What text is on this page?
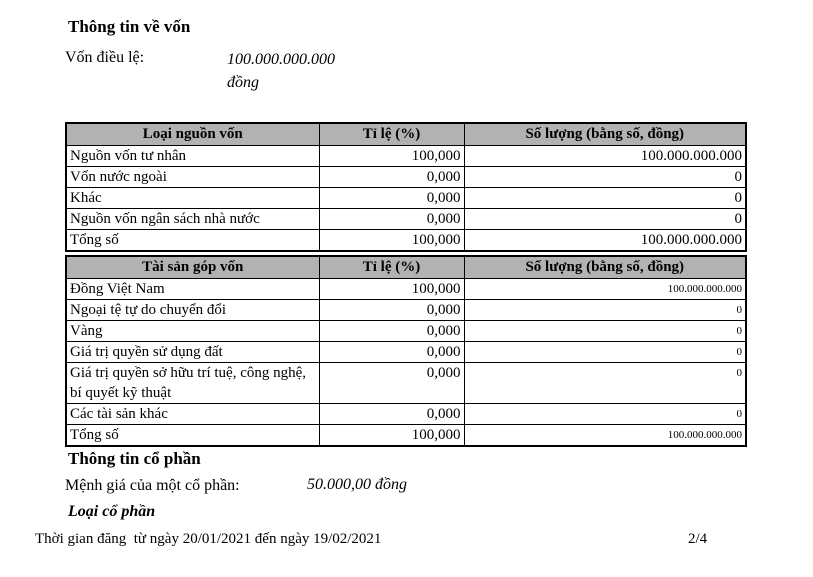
Thông tin về vốn
Vốn điều lệ:	100.000.000.000
đồng
Loại nguồn vốn	Tỉ lệ (%)	Số lượng (bằng số, đồng)
Nguồn vốn tư nhân	100,000	100.000.000.000
Vốn nước ngoài	0,000	0
Khác	0,000	0
Nguồn vốn ngân sách nhà nước	0,000	0
Tổng số	100,000	100.000.000.000
Tài sản góp vốn	Tỉ lệ (%)	Số lượng (bằng số, đồng)
Đồng Việt Nam	100,000	100.000.000.000
Ngoại tệ tự do chuyển đổi	0,000	0
Vàng	0,000	0
Giá trị quyền sử dụng đất	0,000	0
Giá trị quyền sở hữu trí tuệ, công nghệ, bí quyết kỹ thuật	0,000	0
Các tài sản khác	0,000	0
Tổng số	100,000	100.000.000.000
Thông tin cổ phần
Mệnh giá của một cổ phần:	50.000,00 đồng
Loại cổ phần
Thời gian đăng  từ ngày 20/01/2021 đến ngày 19/02/2021	2/4
